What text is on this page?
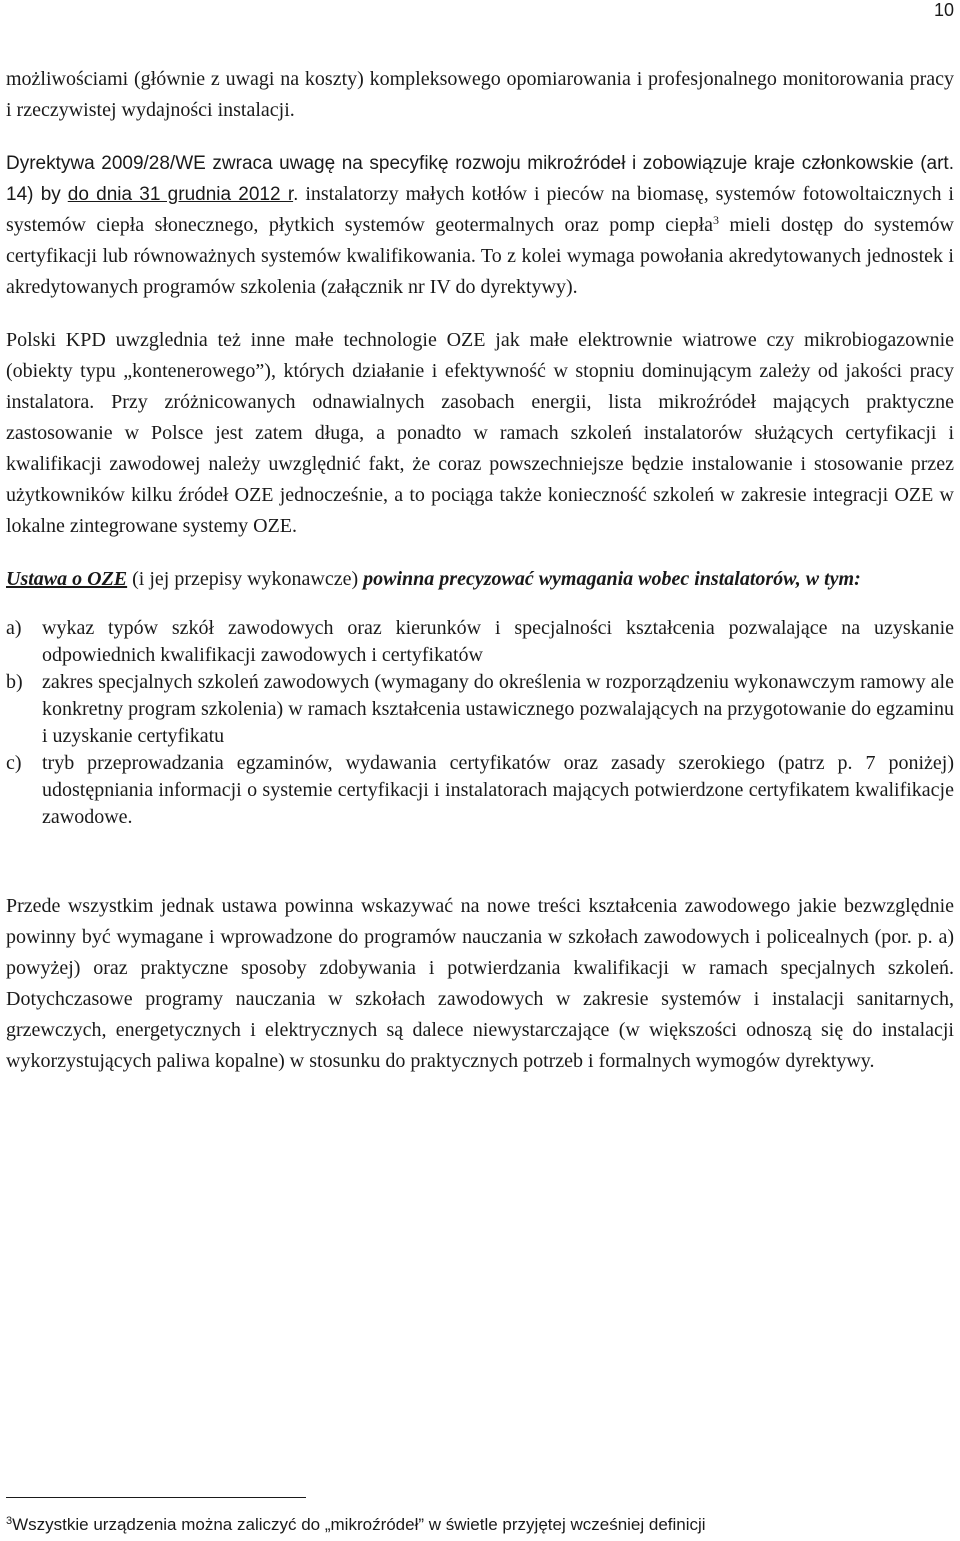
10

możliwościami (głównie z uwagi na koszty) kompleksowego opomiarowania i profesjonalnego monitorowania pracy i rzeczywistej wydajności instalacji.

Dyrektywa 2009/28/WE zwraca uwagę na specyfikę rozwoju mikroźródeł i zobowiązuje kraje członkowskie (art. 14) by do dnia 31 grudnia 2012 r. instalatorzy małych kotłów i pieców na biomasę, systemów fotowoltaicznych i systemów ciepła słonecznego, płytkich systemów geotermalnych oraz pomp ciepła$^3$ mieli dostęp do systemów certyfikacji lub równoważnych systemów kwalifikowania. To z kolei wymaga powołania akredytowanych jednostek i akredytowanych programów szkolenia (załącznik nr IV do dyrektywy).

Polski KPD uwzglednia też inne małe technologie OZE jak małe elektrownie wiatrowe czy mikrobiogazownie (obiekty typu „kontenerowego”), których działanie i efektywność w stopniu dominującym zależy od jakości pracy instalatora. Przy zróżnicowanych odnawialnych zasobach energii, lista mikroźródeł mających praktyczne zastosowanie w Polsce jest zatem długa, a ponadto w ramach szkoleń instalatorów służących certyfikacji i kwalifikacji zawodowej należy uwzględnić fakt, że coraz powszechniejsze będzie instalowanie i stosowanie przez użytkowników kilku źródeł OZE jednocześnie, a to pociąga także konieczność szkoleń w zakresie integracji OZE w lokalne zintegrowane systemy OZE.

Ustawa o OZE (i jej przepisy wykonawcze) powinna precyzować wymagania wobec instalatorów, w tym:

a) wykaz typów szkół zawodowych oraz kierunków i specjalności kształcenia pozwalające na uzyskanie odpowiednich kwalifikacji zawodowych i certyfikatów
b) zakres specjalnych szkoleń zawodowych (wymagany do określenia w rozporządzeniu wykonawczym ramowy ale konkretny program szkolenia) w ramach kształcenia ustawicznego pozwalających na przygotowanie do egzaminu i uzyskanie certyfikatu
c) tryb przeprowadzania egzaminów, wydawania certyfikatów oraz zasady szerokiego (patrz p. 7 poniżej) udostępniania informacji o systemie certyfikacji i instalatorach mających potwierdzone certyfikatem kwalifikacje zawodowe.

Przede wszystkim jednak ustawa powinna wskazywać na nowe treści kształcenia zawodowego jakie bezwzględnie powinny być wymagane i wprowadzone do programów nauczania w szkołach zawodowych i policealnych (por. p. a) powyżej) oraz praktyczne sposoby zdobywania i potwierdzania kwalifikacji w ramach specjalnych szkoleń. Dotychczasowe programy nauczania w szkołach zawodowych w zakresie systemów i instalacji sanitarnych, grzewczych, energetycznych i elektrycznych są dalece niewystarczające (w większości odnoszą się do instalacji wykorzystujących paliwa kopalne) w stosunku do praktycznych potrzeb i formalnych wymogów dyrektywy.

$^3$Wszystkie urządzenia można zaliczyć do „mikroźródeł” w świetle przyjętej wcześniej definicji
